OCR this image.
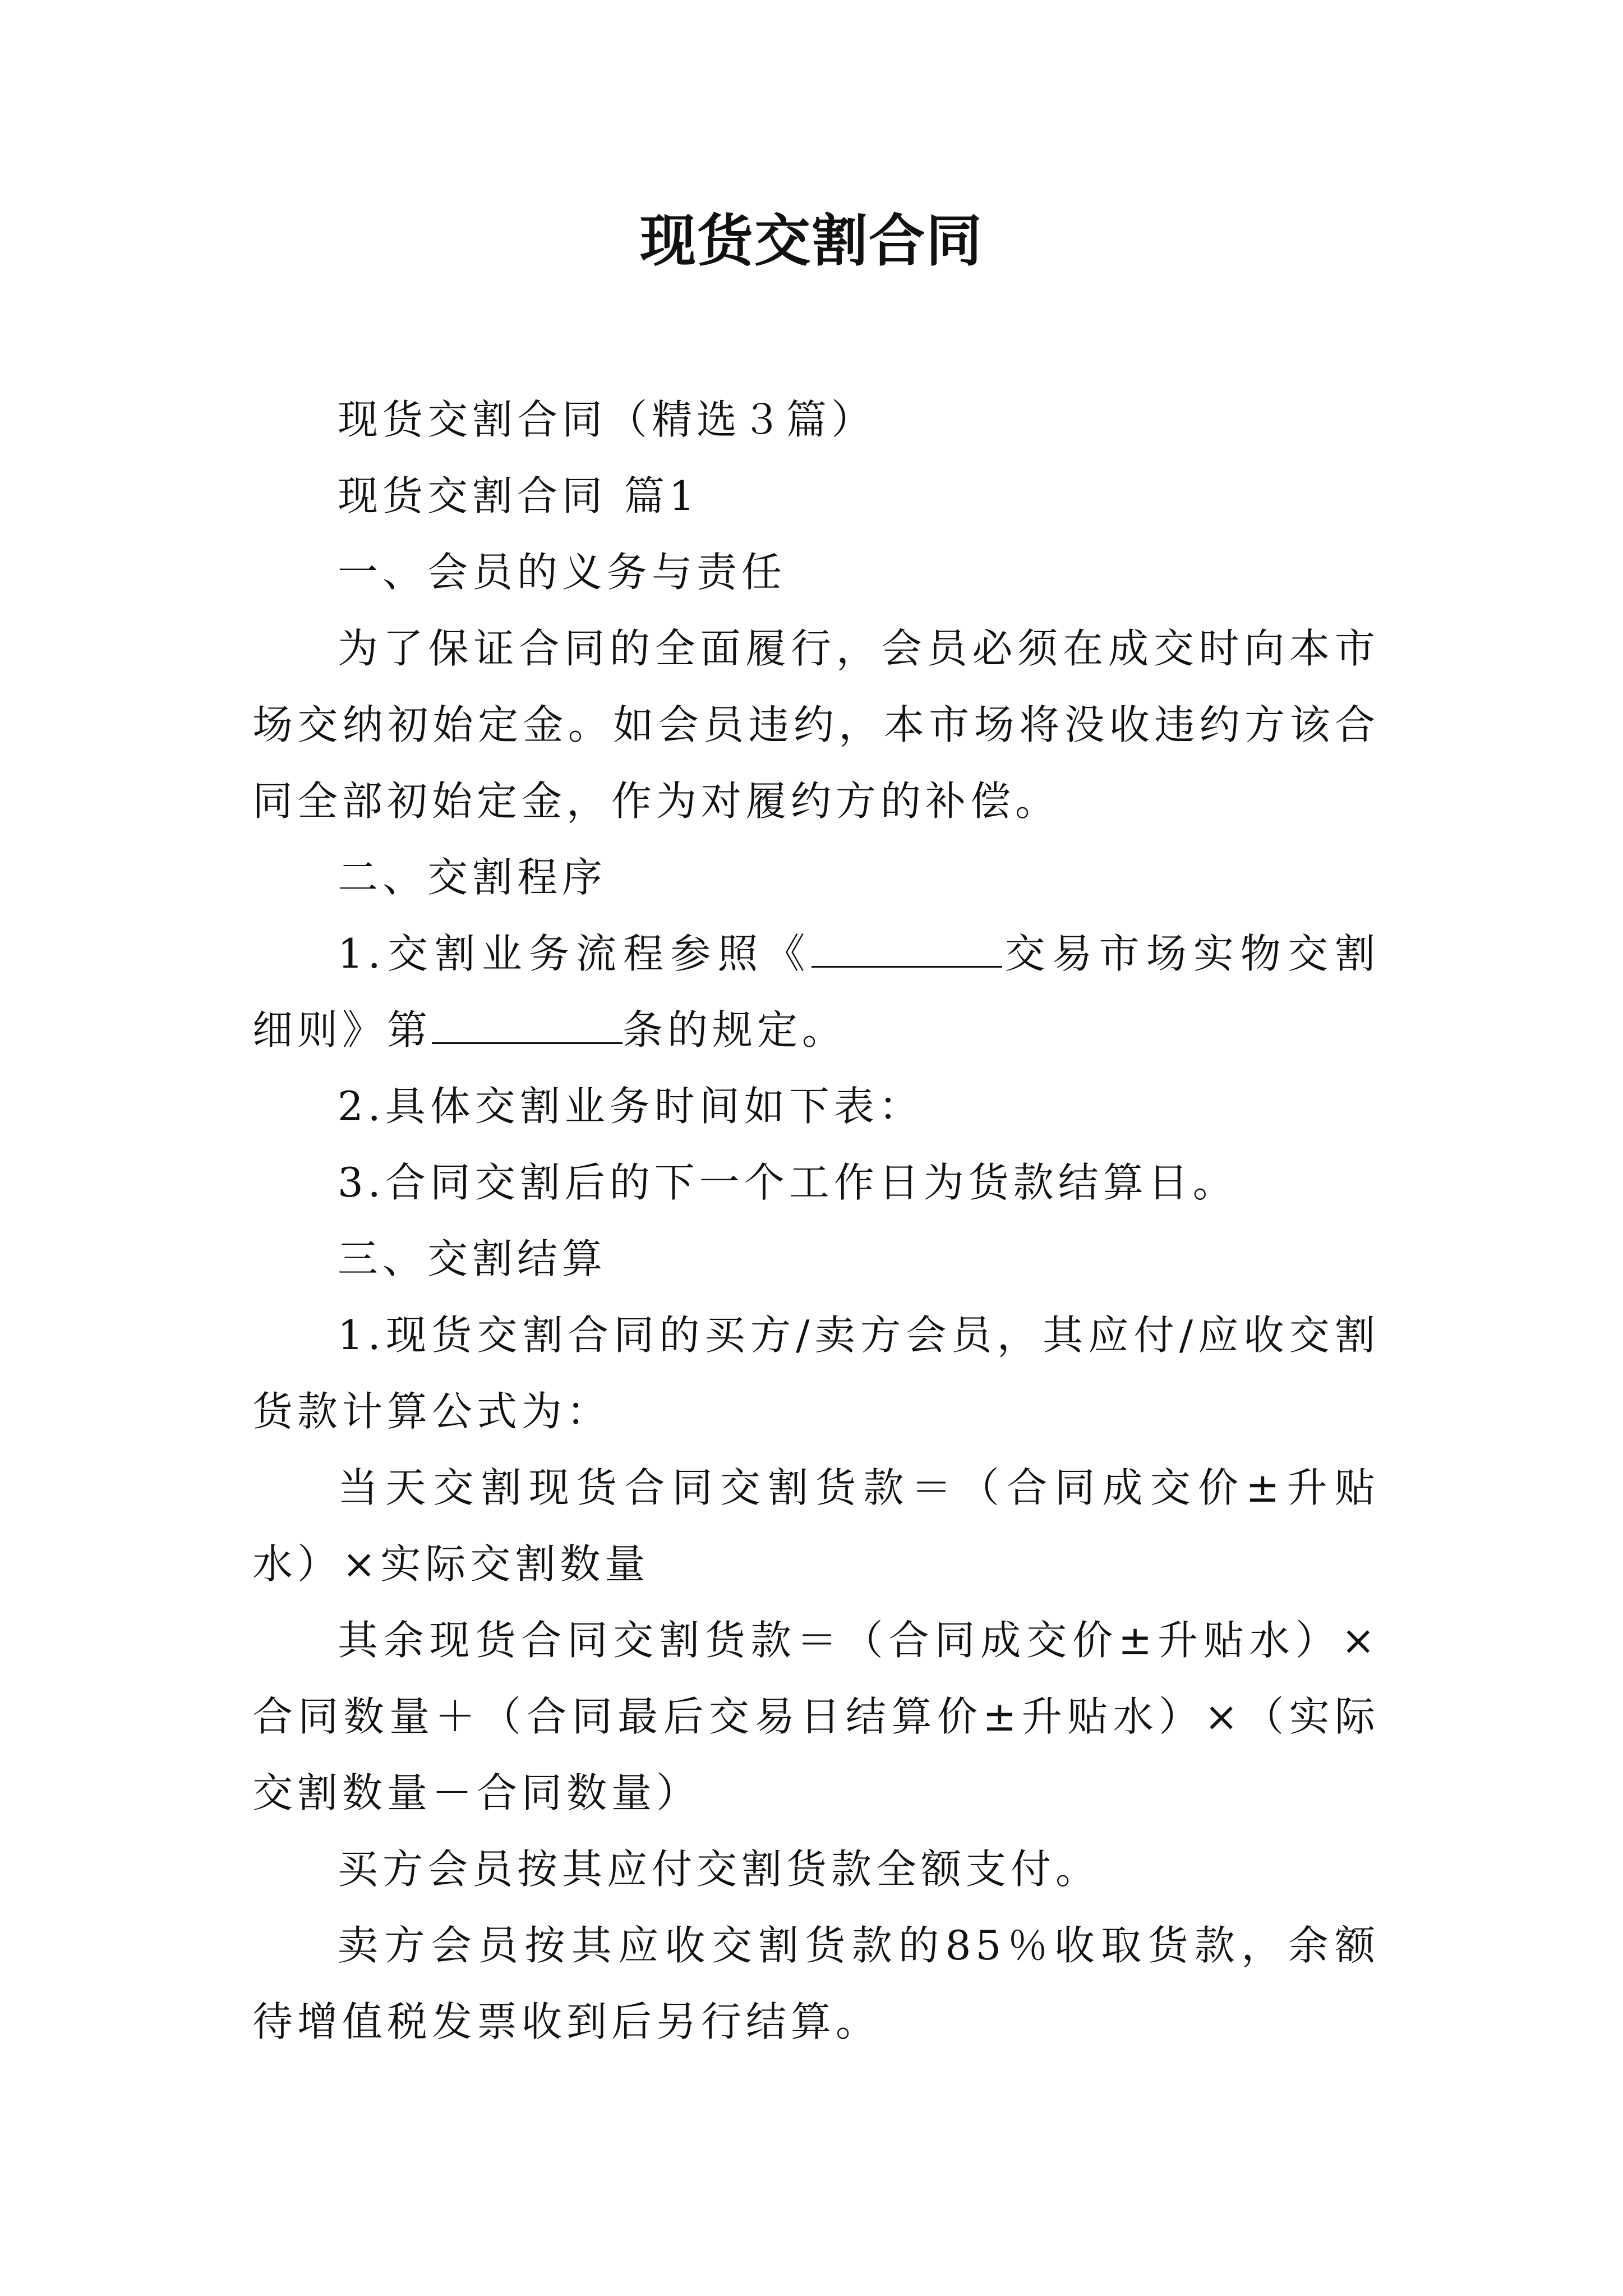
现货交割合同

现货交割合同（精选３篇）

现货交割合同 篇1

一、会员的义务与责任

为了保证合同的全面履行，会员必须在成交时向本市场交纳初始定金。如会员违约，本市场将没收违约方该合同全部初始定金，作为对履约方的补偿。

二、交割程序

1.交割业务流程参照《	交易市场实物交割细则》第	条的规定。

2.具体交割业务时间如下表：

3.合同交割后的下一个工作日为货款结算日。

三、交割结算

1.现货交割合同的买方/卖方会员，其应付/应收交割货款计算公式为：

当天交割现货合同交割货款＝（合同成交价±升贴水）×实际交割数量

其余现货合同交割货款＝（合同成交价±升贴水）×合同数量＋（合同最后交易日结算价±升贴水）×（实际交割数量－合同数量）

买方会员按其应付交割货款全额支付。

卖方会员按其应收交割货款的85％收取货款，余额待增值税发票收到后另行结算。
